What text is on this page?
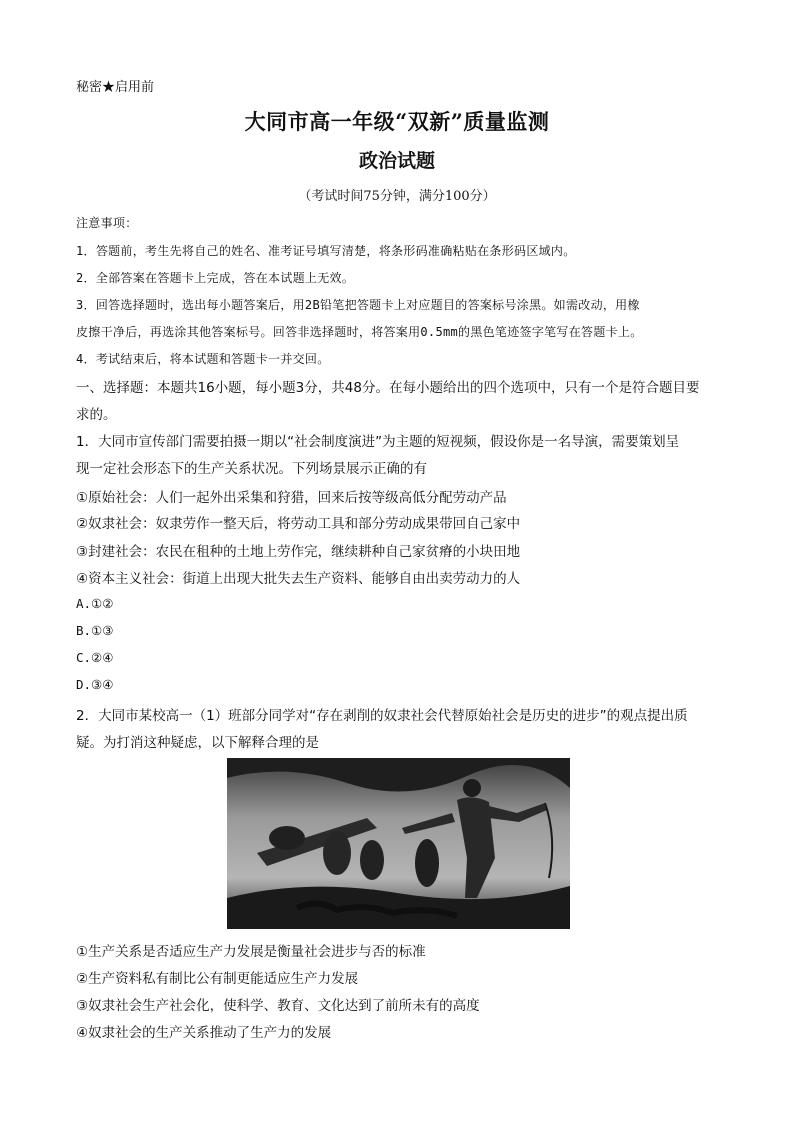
秘密★启用前
大同市高一年级“双新”质量监测
政治试题
（考试时间75分钟，满分100分）
注意事项：
1．答题前，考生先将自己的姓名、准考证号填写清楚，将条形码准确粘贴在条形码区域内。
2．全部答案在答题卡上完成，答在本试题上无效。
3．回答选择题时，选出每小题答案后，用2B铅笔把答题卡上对应题目的答案标号涂黑。如需改动，用橡
皮擦干净后，再选涂其他答案标号。回答非选择题时，将答案用0.5mm的黑色笔迹签字笔写在答题卡上。
4．考试结束后，将本试题和答题卡一并交回。
一、选择题：本题共16小题，每小题3分，共48分。在每小题给出的四个选项中，只有一个是符合题目要
求的。
1．大同市宣传部门需要拍摄一期以“社会制度演进”为主题的短视频，假设你是一名导演，需要策划呈
现一定社会形态下的生产关系状况。下列场景展示正确的有
①原始社会：人们一起外出采集和狩猎，回来后按等级高低分配劳动产品
②奴隶社会：奴隶劳作一整天后，将劳动工具和部分劳动成果带回自己家中
③封建社会：农民在租种的土地上劳作完，继续耕种自己家贫瘠的小块田地
④资本主义社会：街道上出现大批失去生产资料、能够自由出卖劳动力的人
A.①②
B.①③
C.②④
D.③④
2．大同市某校高一（1）班部分同学对“存在剥削的奴隶社会代替原始社会是历史的进步”的观点提出质
疑。为打消这种疑虑，以下解释合理的是
①生产关系是否适应生产力发展是衡量社会进步与否的标准
②生产资料私有制比公有制更能适应生产力发展
③奴隶社会生产社会化，使科学、教育、文化达到了前所未有的高度
④奴隶社会的生产关系推动了生产力的发展
